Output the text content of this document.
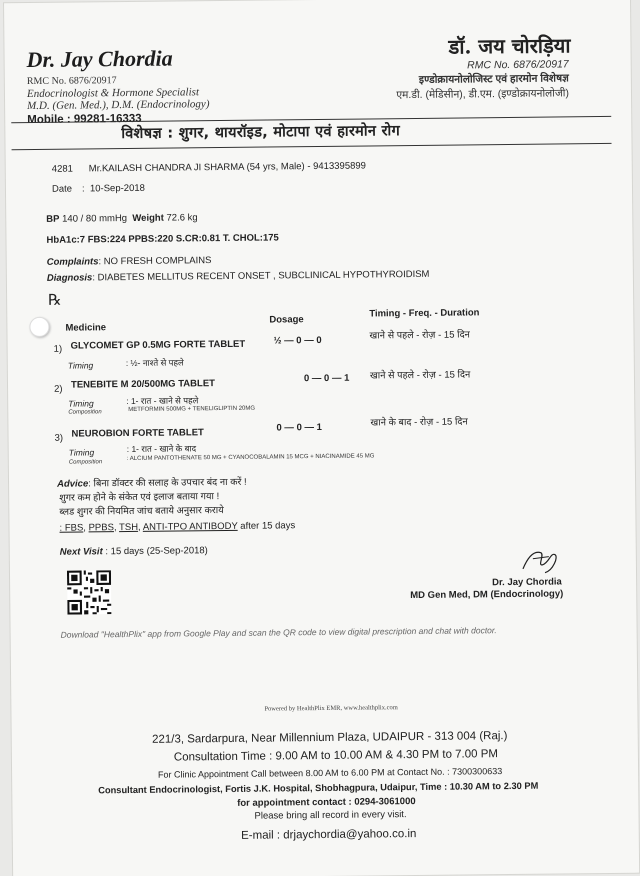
Dr. Jay Chordia
RMC No. 6876/20917
Endocrinologist & Hormone Specialist
M.D. (Gen. Med.), D.M. (Endocrinology)
Mobile : 99281-16333
डॉ. जय चोरड़िया
RMC No. 6876/20917
इण्डोक्रायनोलोजिस्ट एवं हारमोन विशेषज्ञ
एम.डी. (मेडिसीन), डी.एम. (इण्डोक्रायनोलोजी)
विशेषज्ञ : शुगर, थायरॉइड, मोटापा एवं हारमोन रोग
4281 Mr.KAILASH CHANDRA JI SHARMA (54 yrs, Male) - 9413395899
Date : 10-Sep-2018
BP 140 / 80 mmHg Weight 72.6 kg
HbA1c:7 FBS:224 PPBS:220 S.CR:0.81 T. CHOL:175
Complaints: NO FRESH COMPLAINS
Diagnosis: DIABETES MELLITUS RECENT ONSET , SUBCLINICAL HYPOTHYROIDISM
℞
Medicine
Dosage
Timing - Freq. - Duration
1) GLYCOMET GP 0.5MG FORTE TABLET	½ — 0 — 0	खाने से पहले - रोज़ - 15 दिन
Timing	: ½- नाश्ते से पहले
2) TENEBITE M 20/500MG TABLET	0 — 0 — 1 खाने से पहले - रोज़ - 15 दिन
Timing	: 1- रात - खाने से पहले
Composition	METFORMIN 500MG + TENELIGLIPTIN 20MG
3) NEUROBION FORTE TABLET	0 — 0 — 1	खाने के बाद - रोज़ - 15 दिन
Timing	: 1- रात - खाने के बाद
Composition
: ALCIUM PANTOTHENATE 50 MG + CYANOCOBALAMIN 15 MCG + NIACINAMIDE 45 MG
Advice: बिना डॉक्टर की सलाह के उपचार बंद ना करें !
शुगर कम होने के संकेत एवं इलाज बताया गया !
ब्लड शुगर की नियमित जांच बताये अनुसार कराये
: FBS, PPBS, TSH, ANTI-TPO ANTIBODY after 15 days
Next Visit : 15 days (25-Sep-2018)
Dr. Jay Chordia
MD Gen Med, DM (Endocrinology)
Download "HealthPlix" app from Google Play and scan the QR code to view digital prescription and chat with doctor.
Powered by HealthPlix EMR, www.healthplix.com
221/3, Sardarpura, Near Millennium Plaza, UDAIPUR - 313 004 (Raj.)
Consultation Time : 9.00 AM to 10.00 AM & 4.30 PM to 7.00 PM
For Clinic Appointment Call between 8.00 AM to 6.00 PM at Contact No. : 7300300633
Consultant Endocrinologist, Fortis J.K. Hospital, Shobhagpura, Udaipur, Time : 10.30 AM to 2.30 PM
for appointment contact : 0294-3061000
Please bring all record in every visit.
E-mail : drjaychordia@yahoo.co.in
